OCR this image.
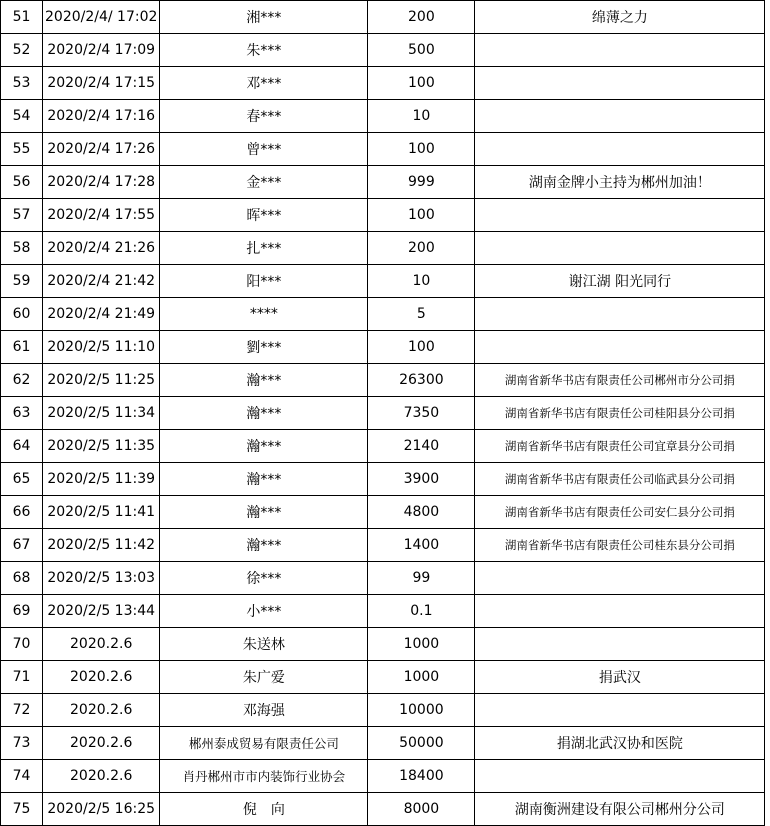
51	2020/2/4/ 17:02	湘***	200	绵薄之力
52	2020/2/4 17:09	朱***	500	
53	2020/2/4 17:15	邓***	100	
54	2020/2/4 17:16	春***	10	
55	2020/2/4 17:26	曾***	100	
56	2020/2/4 17:28	金***	999	湖南金牌小主持为郴州加油！
57	2020/2/4 17:55	晖***	100	
58	2020/2/4 21:26	扎***	200	
59	2020/2/4 21:42	阳***	10	谢江湖 阳光同行
60	2020/2/4 21:49	****	5	
61	2020/2/5 11:10	劉***	100	
62	2020/2/5 11:25	瀚***	26300	湖南省新华书店有限责任公司郴州市分公司捐
63	2020/2/5 11:34	瀚***	7350	湖南省新华书店有限责任公司桂阳县分公司捐
64	2020/2/5 11:35	瀚***	2140	湖南省新华书店有限责任公司宜章县分公司捐
65	2020/2/5 11:39	瀚***	3900	湖南省新华书店有限责任公司临武县分公司捐
66	2020/2/5 11:41	瀚***	4800	湖南省新华书店有限责任公司安仁县分公司捐
67	2020/2/5 11:42	瀚***	1400	湖南省新华书店有限责任公司桂东县分公司捐
68	2020/2/5 13:03	徐***	99	
69	2020/2/5 13:44	小***	0.1	
70	2020.2.6	朱送林	1000	
71	2020.2.6	朱广爱	1000	捐武汉
72	2020.2.6	邓海强	10000	
73	2020.2.6	郴州泰成贸易有限责任公司	50000	捐湖北武汉协和医院
74	2020.2.6	肖丹郴州市市内装饰行业协会	18400	
75	2020/2/5 16:25	倪　向	8000	湖南衡洲建设有限公司郴州分公司
